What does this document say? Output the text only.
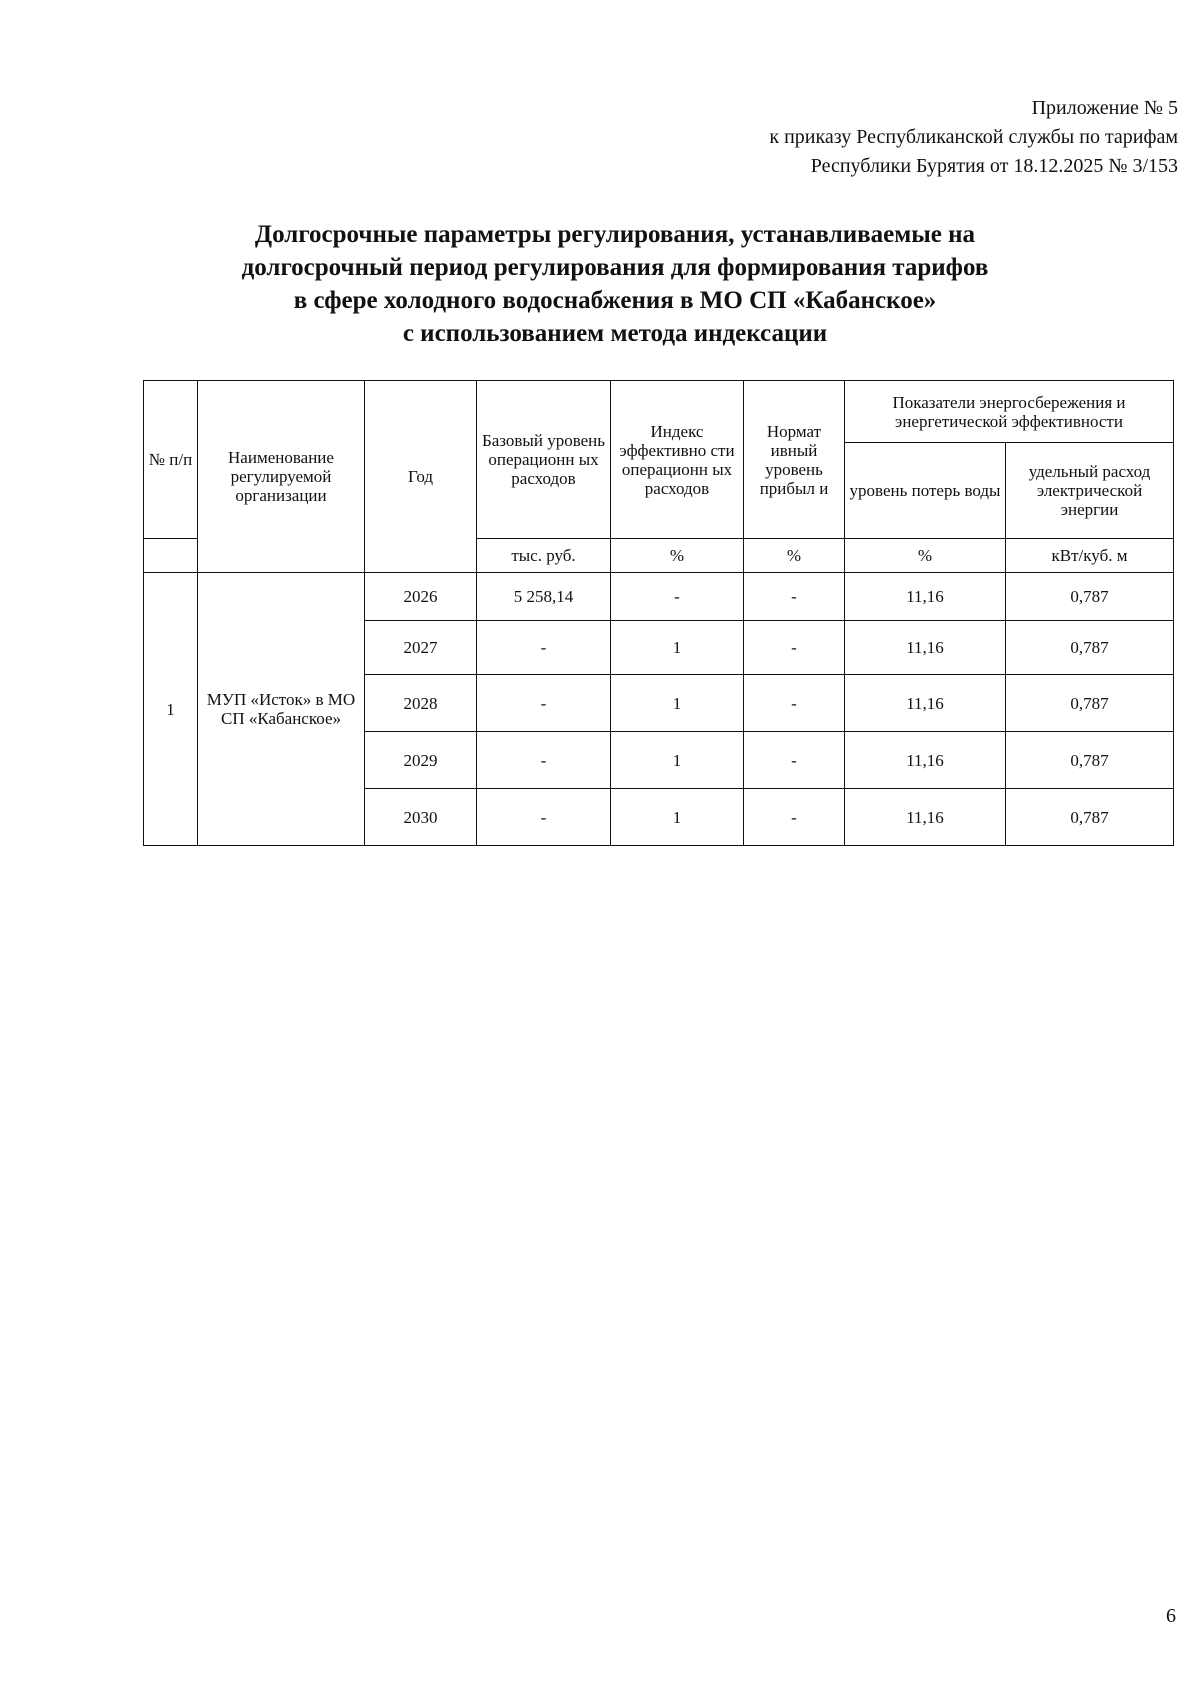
Приложение № 5
к приказу Республиканской службы по тарифам
Республики Бурятия от 18.12.2025 № 3/153
Долгосрочные параметры регулирования, устанавливаемые на
долгосрочный период регулирования для формирования тарифов
в сфере холодного водоснабжения в МО СП «Кабанское»
с использованием метода индексации
№ п/п	Наименование регулируемой организации	Год	Базовый уровень операционн ых расходов	Индекс эффективно сти операционн ых расходов	Нормат ивный уровень прибыл и	Показатели энергосбережения и энергетической эффективности	
						уровень потерь воды	удельный расход электрической энергии
			тыс. руб.	%	%	%	кВт/куб. м
1	МУП «Исток» в МО СП «Кабанское»	2026	5 258,14	-	-	11,16	0,787
		2027	-	1	-	11,16	0,787
		2028	-	1	-	11,16	0,787
		2029	-	1	-	11,16	0,787
		2030	-	1	-	11,16	0,787
6
